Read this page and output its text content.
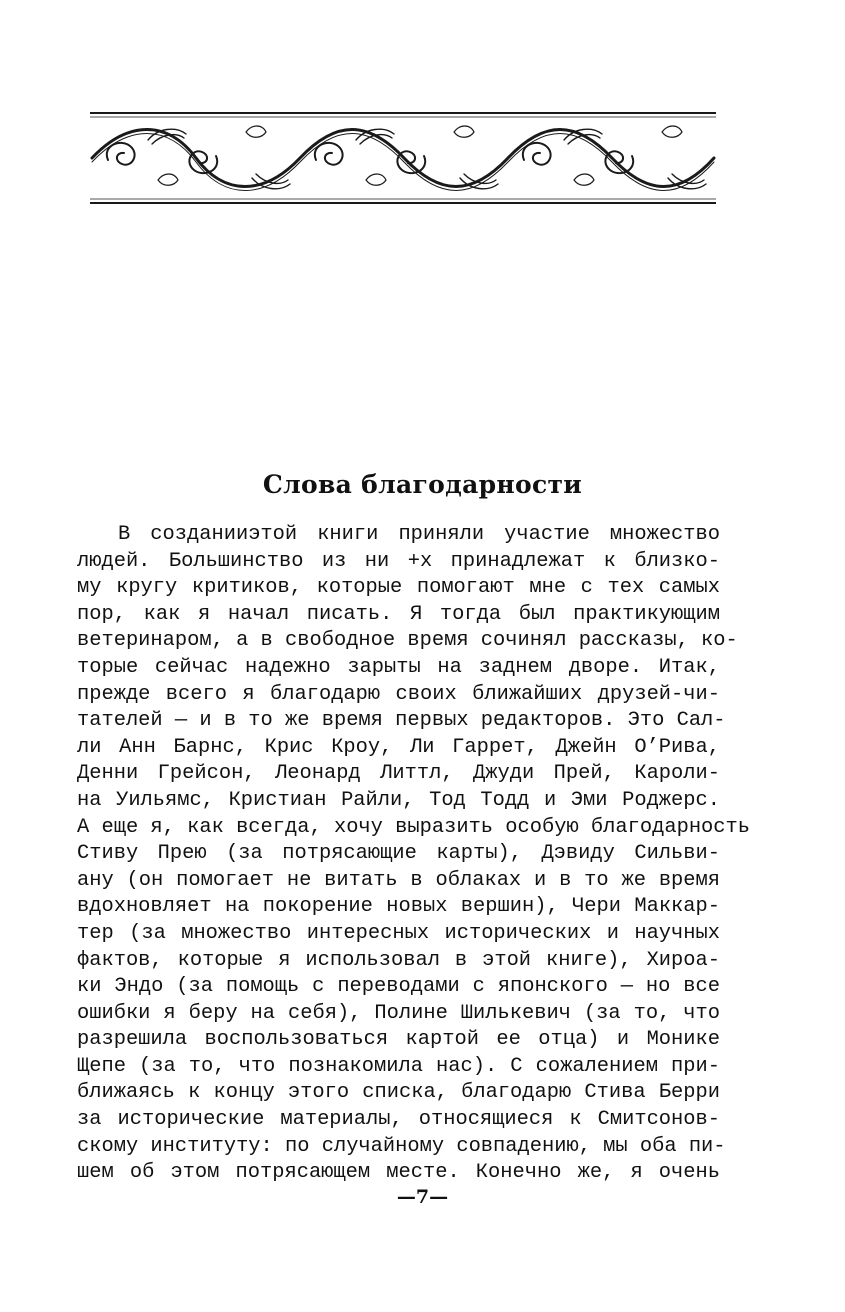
Слова благодарности
В созданииэтой книги приняли участие множество
людей. Большинство из ни +х принадлежат к близко-
му кругу критиков, которые помогают мне с тех самых
пор, как я начал писать. Я тогда был практикующим
ветеринаром, а в свободное время сочинял рассказы, ко-
торые сейчас надежно зарыты на заднем дворе. Итак,
прежде всего я благодарю своих ближайших друзей-чи-
тателей — и в то же время первых редакторов. Это Сал-
ли Анн Барнс, Крис Кроу, Ли Гаррет, Джейн О’Рива,
Денни Грейсон, Леонард Литтл, Джуди Прей, Кароли-
на Уильямс, Кристиан Райли, Тод Тодд и Эми Роджерс.
А еще я, как всегда, хочу выразить особую благодарность
Стиву Прею (за потрясающие карты), Дэвиду Сильви-
ану (он помогает не витать в облаках и в то же время
вдохновляет на покорение новых вершин), Чери Маккар-
тер (за множество интересных исторических и научных
фактов, которые я использовал в этой книге), Хироа-
ки Эндо (за помощь с переводами с японского — но все
ошибки я беру на себя), Полине Шилькевич (за то, что
разрешила воспользоваться картой ее отца) и Монике
Щепе (за то, что познакомила нас). С сожалением при-
ближаясь к концу этого списка, благодарю Стива Берри
за исторические материалы, относящиеся к Смитсонов-
скому институту: по случайному совпадению, мы оба пи-
шем об этом потрясающем месте. Конечно же, я очень
—7—
